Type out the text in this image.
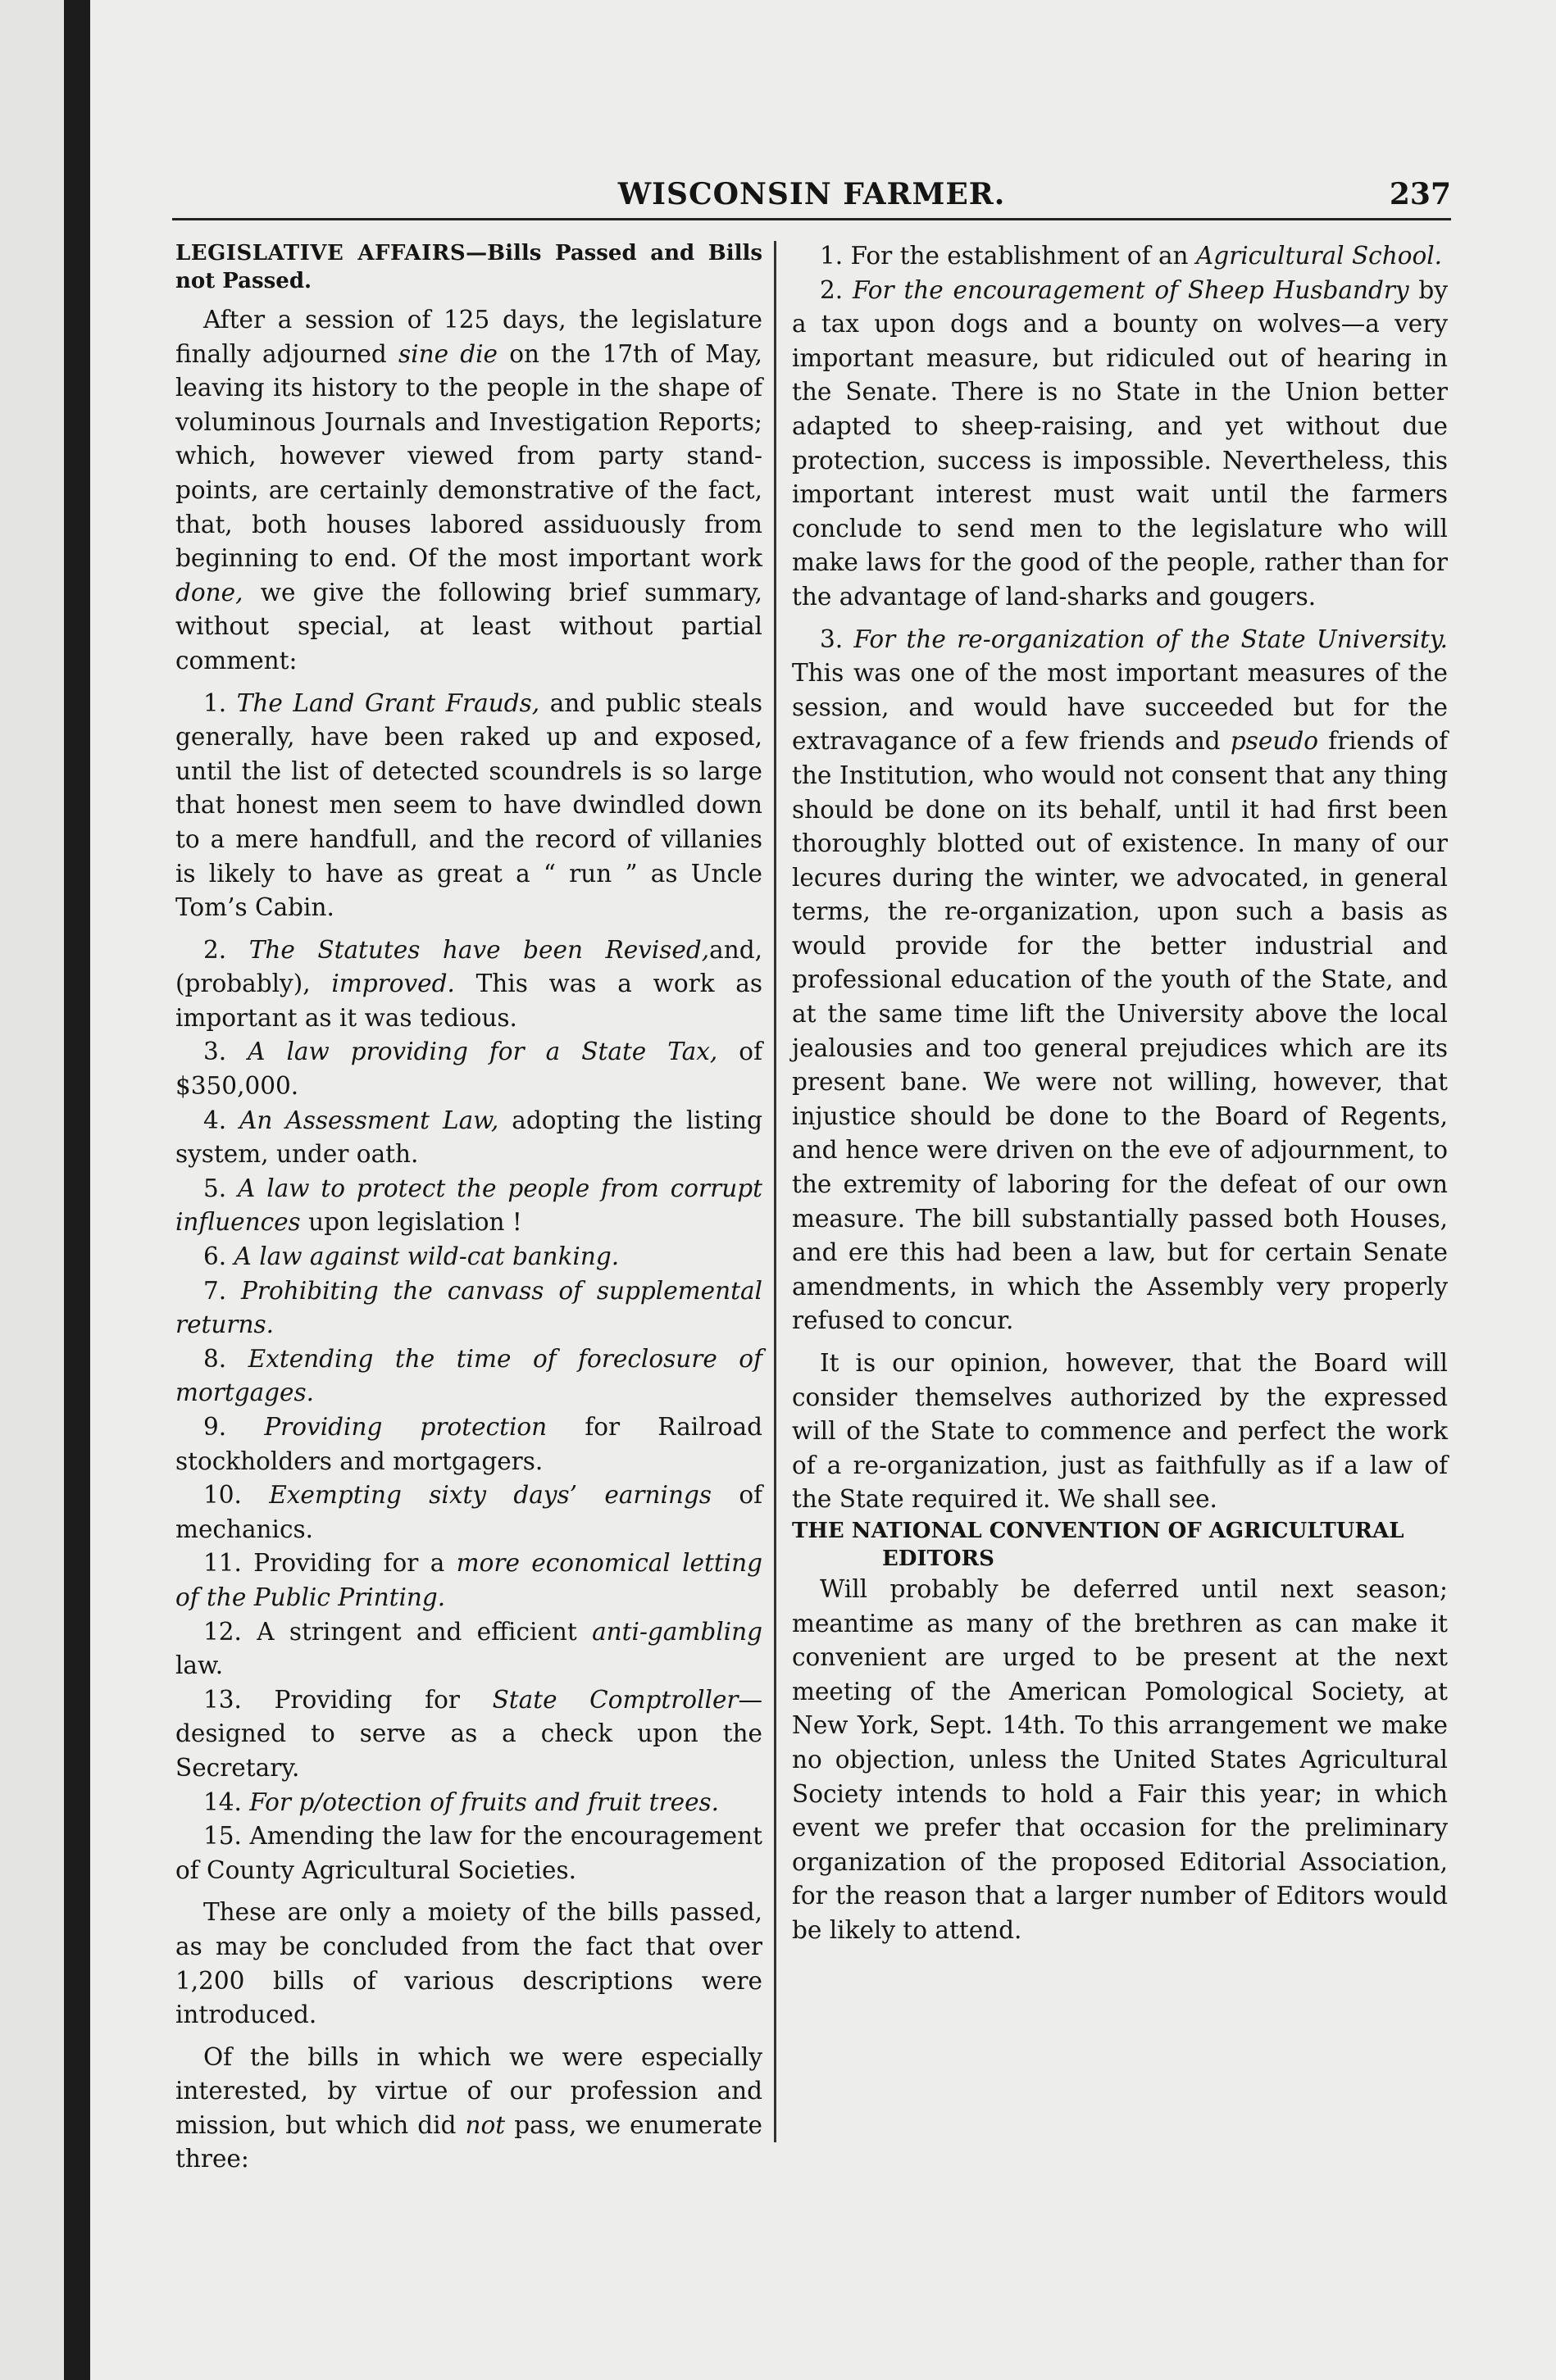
WISCONSIN FARMER.	237

LEGISLATIVE AFFAIRS—Bills Passed and Bills not Passed.

After a session of 125 days, the legislature finally adjourned sine die on the 17th of May, leaving its history to the people in the shape of voluminous Journals and Investigation Reports; which, however viewed from party stand-points, are certainly demonstrative of the fact, that, both houses labored assiduously from beginning to end. Of the most important work done, we give the following brief summary, without special, at least without partial comment:

1. The Land Grant Frauds, and public steals generally, have been raked up and exposed, until the list of detected scoundrels is so large that honest men seem to have dwindled down to a mere handfull, and the record of villanies is likely to have as great a “ run ” as Uncle Tom’s Cabin.

2. The Statutes have been Revised,and,(probably), improved. This was a work as important as it was tedious.

3. A law providing for a State Tax, of $350,000.

4. An Assessment Law, adopting the listing system, under oath.

5. A law to protect the people from corrupt influences upon legislation !

6. A law against wild-cat banking.

7. Prohibiting the canvass of supplemental returns.

8. Extending the time of foreclosure of mortgages.

9. Providing protection for Railroad stockholders and mortgagers.

10. Exempting sixty days’ earnings of mechanics.

11. Providing for a more economical letting of the Public Printing.

12. A stringent and efficient anti-gambling law.

13. Providing for State Comptroller—designed to serve as a check upon the Secretary.

14. For p/otection of fruits and fruit trees.

15. Amending the law for the encouragement of County Agricultural Societies.

These are only a moiety of the bills passed, as may be concluded from the fact that over 1,200 bills of various descriptions were introduced.

Of the bills in which we were especially interested, by virtue of our profession and mission, but which did not pass, we enumerate three:

1. For the establishment of an Agricultural School.

2. For the encouragement of Sheep Husbandry by a tax upon dogs and a bounty on wolves—a very important measure, but ridiculed out of hearing in the Senate. There is no State in the Union better adapted to sheep-raising, and yet without due protection, success is impossible. Nevertheless, this important interest must wait until the farmers conclude to send men to the legislature who will make laws for the good of the people, rather than for the advantage of land-sharks and gougers.

3. For the re-organization of the State University. This was one of the most important measures of the session, and would have succeeded but for the extravagance of a few friends and pseudo friends of the Institution, who would not consent that any thing should be done on its behalf, until it had first been thoroughly blotted out of existence. In many of our lecures during the winter, we advocated, in general terms, the re-organization, upon such a basis as would provide for the better industrial and professional education of the youth of the State, and at the same time lift the University above the local jealousies and too general prejudices which are its present bane. We were not willing, however, that injustice should be done to the Board of Regents, and hence were driven on the eve of adjournment, to the extremity of laboring for the defeat of our own measure. The bill substantially passed both Houses, and ere this had been a law, but for certain Senate amendments, in which the Assembly very properly refused to concur.

It is our opinion, however, that the Board will consider themselves authorized by the expressed will of the State to commence and perfect the work of a re-organization, just as faithfully as if a law of the State required it. We shall see.

THE NATIONAL CONVENTION OF AGRICULTURAL
EDITORS

Will probably be deferred until next season; meantime as many of the brethren as can make it convenient are urged to be present at the next meeting of the American Pomological Society, at New York, Sept. 14th. To this arrangement we make no objection, unless the United States Agricultural Society intends to hold a Fair this year; in which event we prefer that occasion for the preliminary organization of the proposed Editorial Association, for the reason that a larger number of Editors would be likely to attend.
